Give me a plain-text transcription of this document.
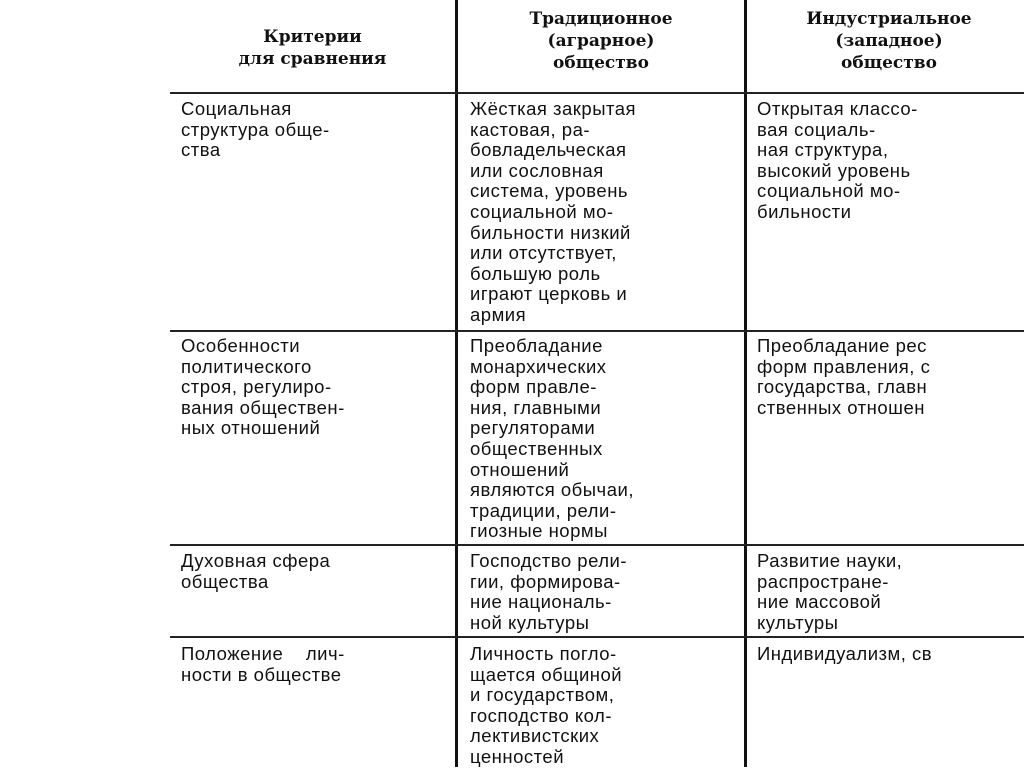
Критерии
для сравнения
Традиционное
(аграрное)
общество
Индустриальное
(западное)
общество
Социальная
структура обще-
ства
Жёсткая закрытая
кастовая, ра-
бовладельческая
или сословная
система, уровень
социальной мо-
бильности низкий
или отсутствует,
большую роль
играют церковь и
армия
Открытая классо-
вая социаль-
ная структура,
высокий уровень
социальной мо-
бильности
Особенности
политического
строя, регулиро-
вания обществен-
ных отношений
Преобладание
монархических
форм правле-
ния, главными
регуляторами
общественных
отношений
являются обычаи,
традиции, рели-
гиозные нормы
Преобладание рес
форм правления, с
государства, главн
ственных отношен
Духовная сфера
общества
Господство рели-
гии, формирова-
ние националь-
ной культуры
Развитие науки,
распространe-
ние массовой
культуры
Положение    лич-
ности в обществе
Личность погло-
щается общиной
и государством,
господство кол-
лективистских
ценностей
Индивидуализм, св
